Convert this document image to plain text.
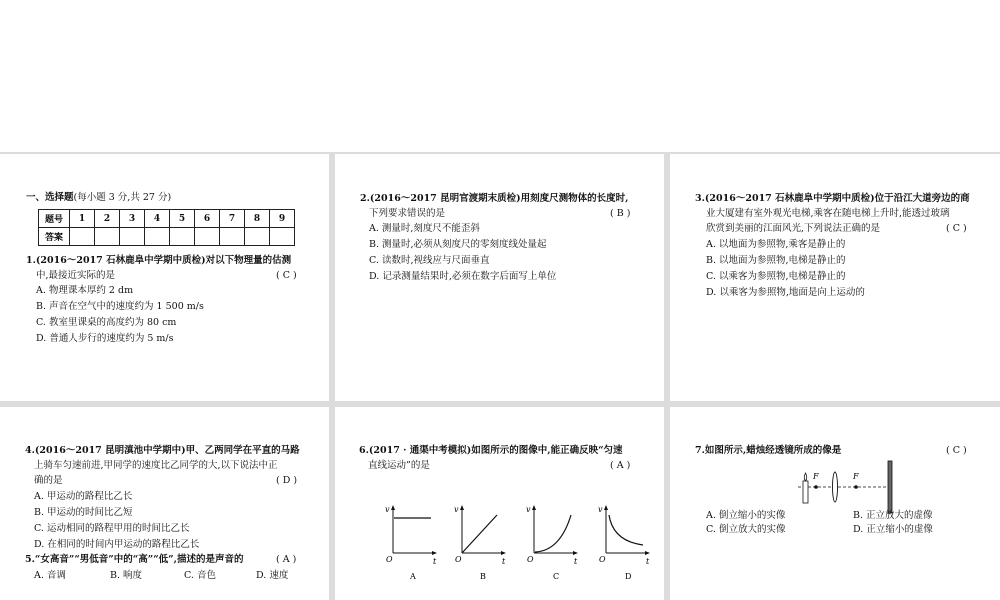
一、选择题(每小题 3 分,共 27 分)
题号	1	2	3	4	5	6	7	8	9
答案									
1.(2016～2017 石林鹿阜中学期中质检)对以下物理量的估测
中,最接近实际的是	( C )
A. 物理课本厚约 2 dm
B. 声音在空气中的速度约为 1 500 m/s
C. 教室里课桌的高度约为 80 cm
D. 普通人步行的速度约为 5 m/s
2.(2016～2017 昆明官渡期末质检)用刻度尺测物体的长度时,
下列要求错误的是	( B )
A. 测量时,刻度尺不能歪斜
B. 测量时,必须从刻度尺的零刻度线处量起
C. 读数时,视线应与尺面垂直
D. 记录测量结果时,必须在数字后面写上单位
3.(2016～2017 石林鹿阜中学期中质检)位于沿江大道旁边的商
业大厦建有室外观光电梯,乘客在随电梯上升时,能透过玻璃
欣赏到美丽的江面风光,下列说法正确的是	( C )
A. 以地面为参照物,乘客是静止的
B. 以地面为参照物,电梯是静止的
C. 以乘客为参照物,电梯是静止的
D. 以乘客为参照物,地面是向上运动的
4.(2016～2017 昆明滇池中学期中)甲、乙两同学在平直的马路
上骑车匀速前进,甲同学的速度比乙同学的大,以下说法中正
确的是	( D )
A. 甲运动的路程比乙长
B. 甲运动的时间比乙短
C. 运动相同的路程甲用的时间比乙长
D. 在相同的时间内甲运动的路程比乙长
5.“女高音”“男低音”中的“高”“低”,描述的是声音的	( A )
A. 音调	B. 响度	C. 音色	D. 速度
6.(2017 · 通渠中考模拟)如图所示的图像中,能正确反映“匀速
直线运动”的是	( A )
v
t
O
A
v
t
O
B
v
t
O
C
v
t
O
D
7.如图所示,蜡烛经透镜所成的像是	( C )
F	F
A. 倒立缩小的实像	B. 正立放大的虚像
C. 倒立放大的实像	D. 正立缩小的虚像
